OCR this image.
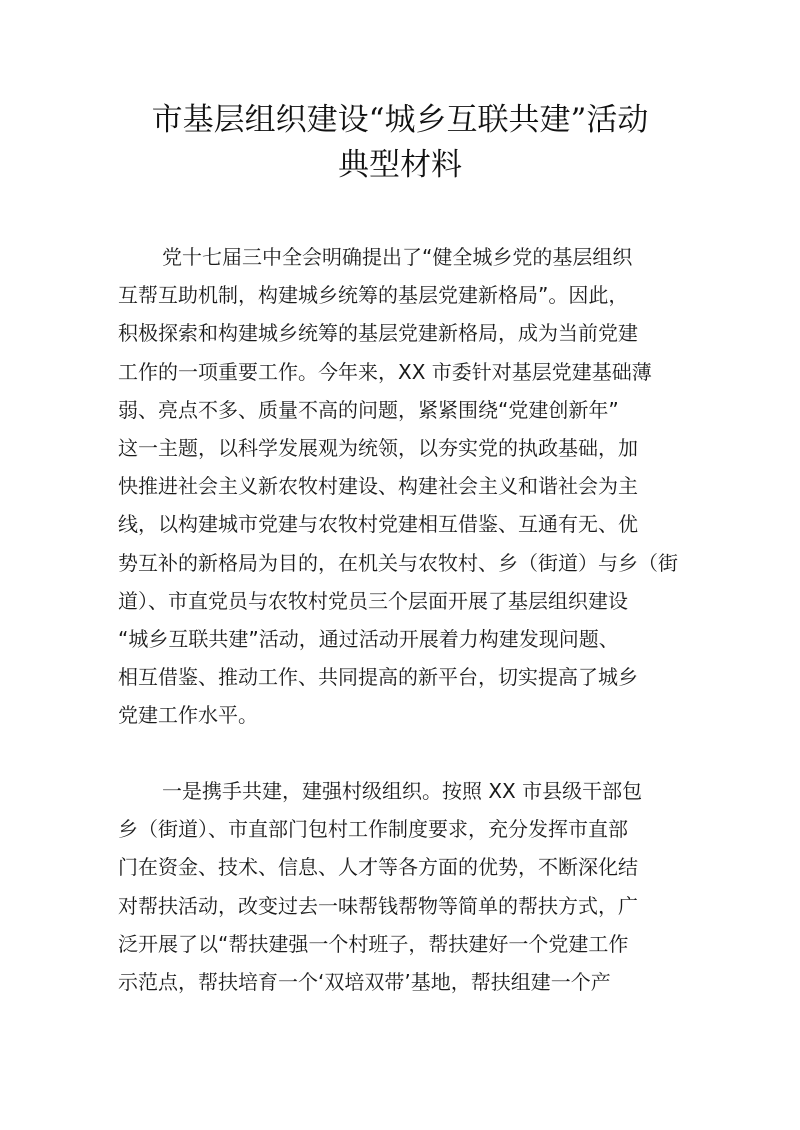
市基层组织建设“城乡互联共建”活动
典型材料
党十七届三中全会明确提出了“健全城乡党的基层组织
互帮互助机制，构建城乡统筹的基层党建新格局”。因此，
积极探索和构建城乡统筹的基层党建新格局，成为当前党建
工作的一项重要工作。今年来，XX 市委针对基层党建基础薄
弱、亮点不多、质量不高的问题，紧紧围绕“党建创新年”
这一主题，以科学发展观为统领，以夯实党的执政基础，加
快推进社会主义新农牧村建设、构建社会主义和谐社会为主
线，以构建城市党建与农牧村党建相互借鉴、互通有无、优
势互补的新格局为目的，在机关与农牧村、乡（街道）与乡（街
道）、市直党员与农牧村党员三个层面开展了基层组织建设
“城乡互联共建”活动，通过活动开展着力构建发现问题、
相互借鉴、推动工作、共同提高的新平台，切实提高了城乡
党建工作水平。
一是携手共建，建强村级组织。按照 XX 市县级干部包
乡（街道）、市直部门包村工作制度要求，充分发挥市直部
门在资金、技术、信息、人才等各方面的优势，不断深化结
对帮扶活动，改变过去一味帮钱帮物等简单的帮扶方式，广
泛开展了以“帮扶建强一个村班子，帮扶建好一个党建工作
示范点，帮扶培育一个‘双培双带’基地，帮扶组建一个产
